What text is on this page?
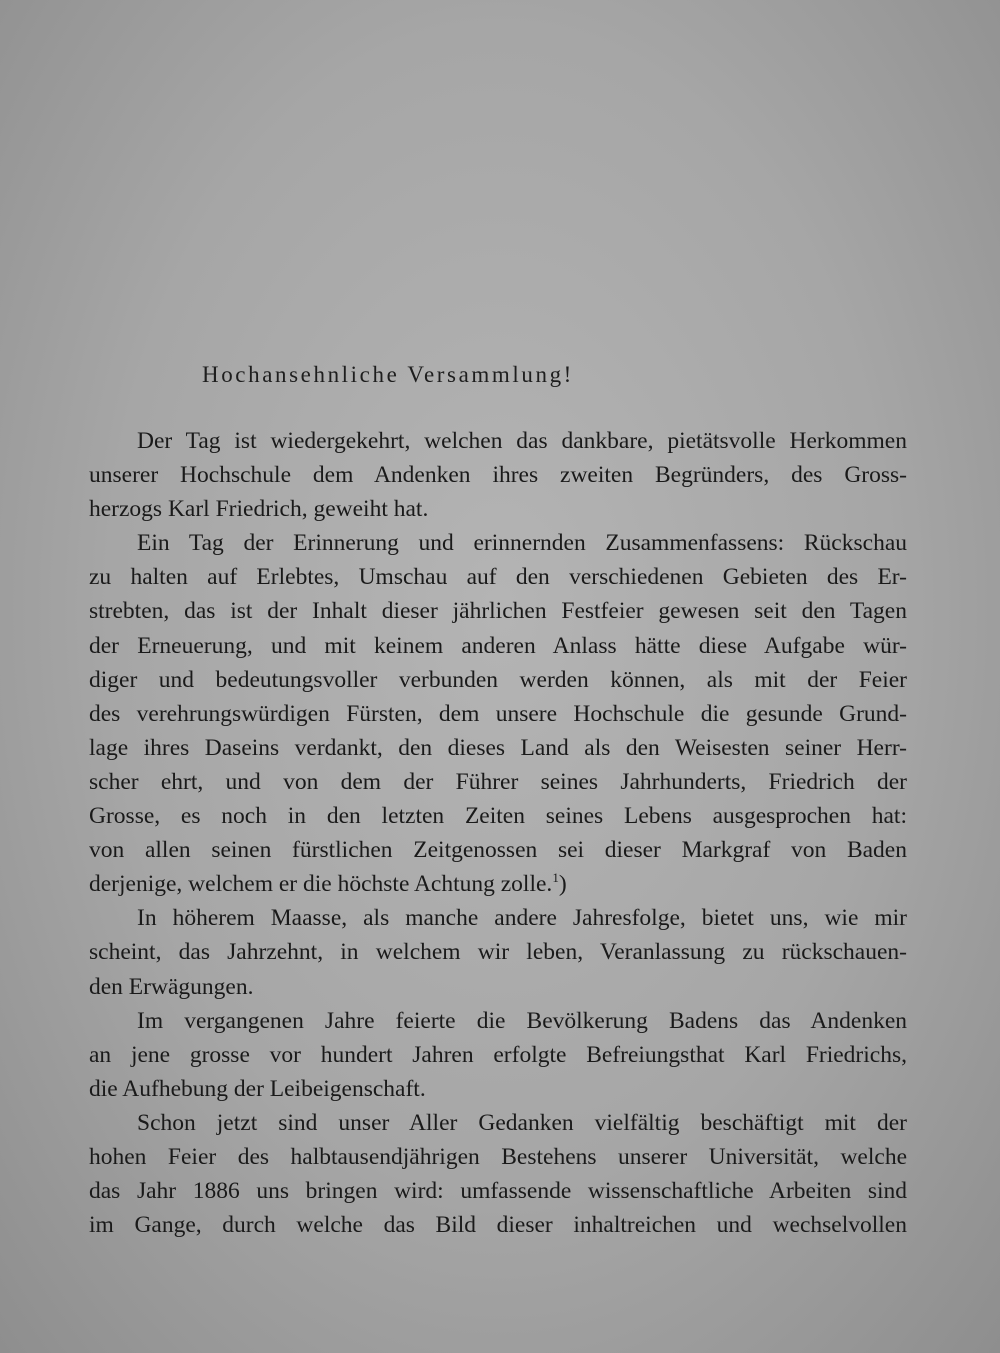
Hochansehnliche Versammlung!
Der Tag ist wiedergekehrt, welchen das dankbare, pietätsvolle Herkommen
unserer Hochschule dem Andenken ihres zweiten Begründers, des Gross-
herzogs Karl Friedrich, geweiht hat.
Ein Tag der Erinnerung und erinnernden Zusammenfassens: Rückschau
zu halten auf Erlebtes, Umschau auf den verschiedenen Gebieten des Er-
strebten, das ist der Inhalt dieser jährlichen Festfeier gewesen seit den Tagen
der Erneuerung, und mit keinem anderen Anlass hätte diese Aufgabe wür-
diger und bedeutungsvoller verbunden werden können, als mit der Feier
des verehrungswürdigen Fürsten, dem unsere Hochschule die gesunde Grund-
lage ihres Daseins verdankt, den dieses Land als den Weisesten seiner Herr-
scher ehrt, und von dem der Führer seines Jahrhunderts, Friedrich der
Grosse, es noch in den letzten Zeiten seines Lebens ausgesprochen hat:
von allen seinen fürstlichen Zeitgenossen sei dieser Markgraf von Baden
derjenige, welchem er die höchste Achtung zolle.$^1$)
In höherem Maasse, als manche andere Jahresfolge, bietet uns, wie mir
scheint, das Jahrzehnt, in welchem wir leben, Veranlassung zu rückschauen-
den Erwägungen.
Im vergangenen Jahre feierte die Bevölkerung Badens das Andenken
an jene grosse vor hundert Jahren erfolgte Befreiungsthat Karl Friedrichs,
die Aufhebung der Leibeigenschaft.
Schon jetzt sind unser Aller Gedanken vielfältig beschäftigt mit der
hohen Feier des halbtausendjährigen Bestehens unserer Universität, welche
das Jahr 1886 uns bringen wird: umfassende wissenschaftliche Arbeiten sind
im Gange, durch welche das Bild dieser inhaltreichen und wechselvollen
